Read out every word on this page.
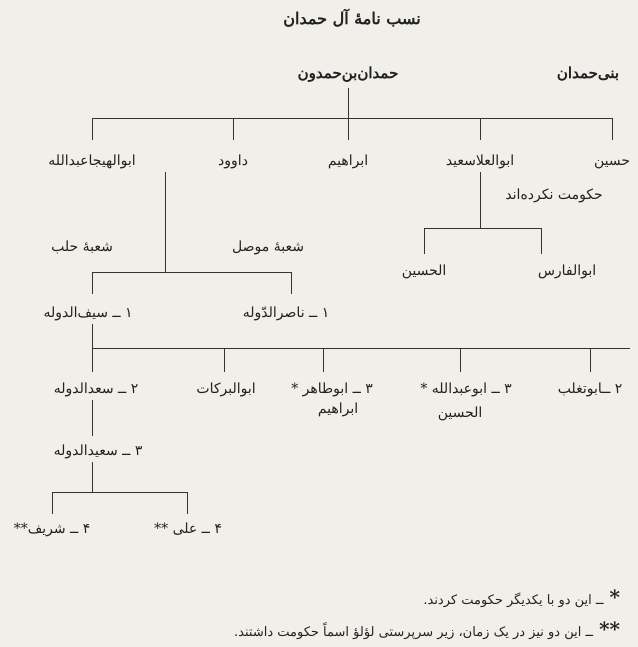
نسب نامهٔ آل حمدان
بنی‌حمدان
حمدان‌بن‌حمدون
حسین
ابوالعلاسعید
ابراهیم
داوود
ابوالهیجاعبدالله
حکومت نکرده‌اند
ابوالفارس
الحسین
شعبهٔ موصل
شعبهٔ حلب
۱ ــ ناصرالدّوله
۱ ــ سیف‌الدوله
۲ ــ سعدالدوله	ابوالبرکات	۳ ــ ابوطاهر *
ابراهیم
۳ ــ ابوعبدالله *
الحسین
۲ ــابوتغلب
۳ ــ سعیدالدوله
۴ ــ شریف**	۴ ــ علی **
*ــ این دو با یکدیگر حکومت کردند.
**ــ این دو نیز در یک زمان، زیر سرپرستی لؤلؤ اسماً حکومت داشتند.
